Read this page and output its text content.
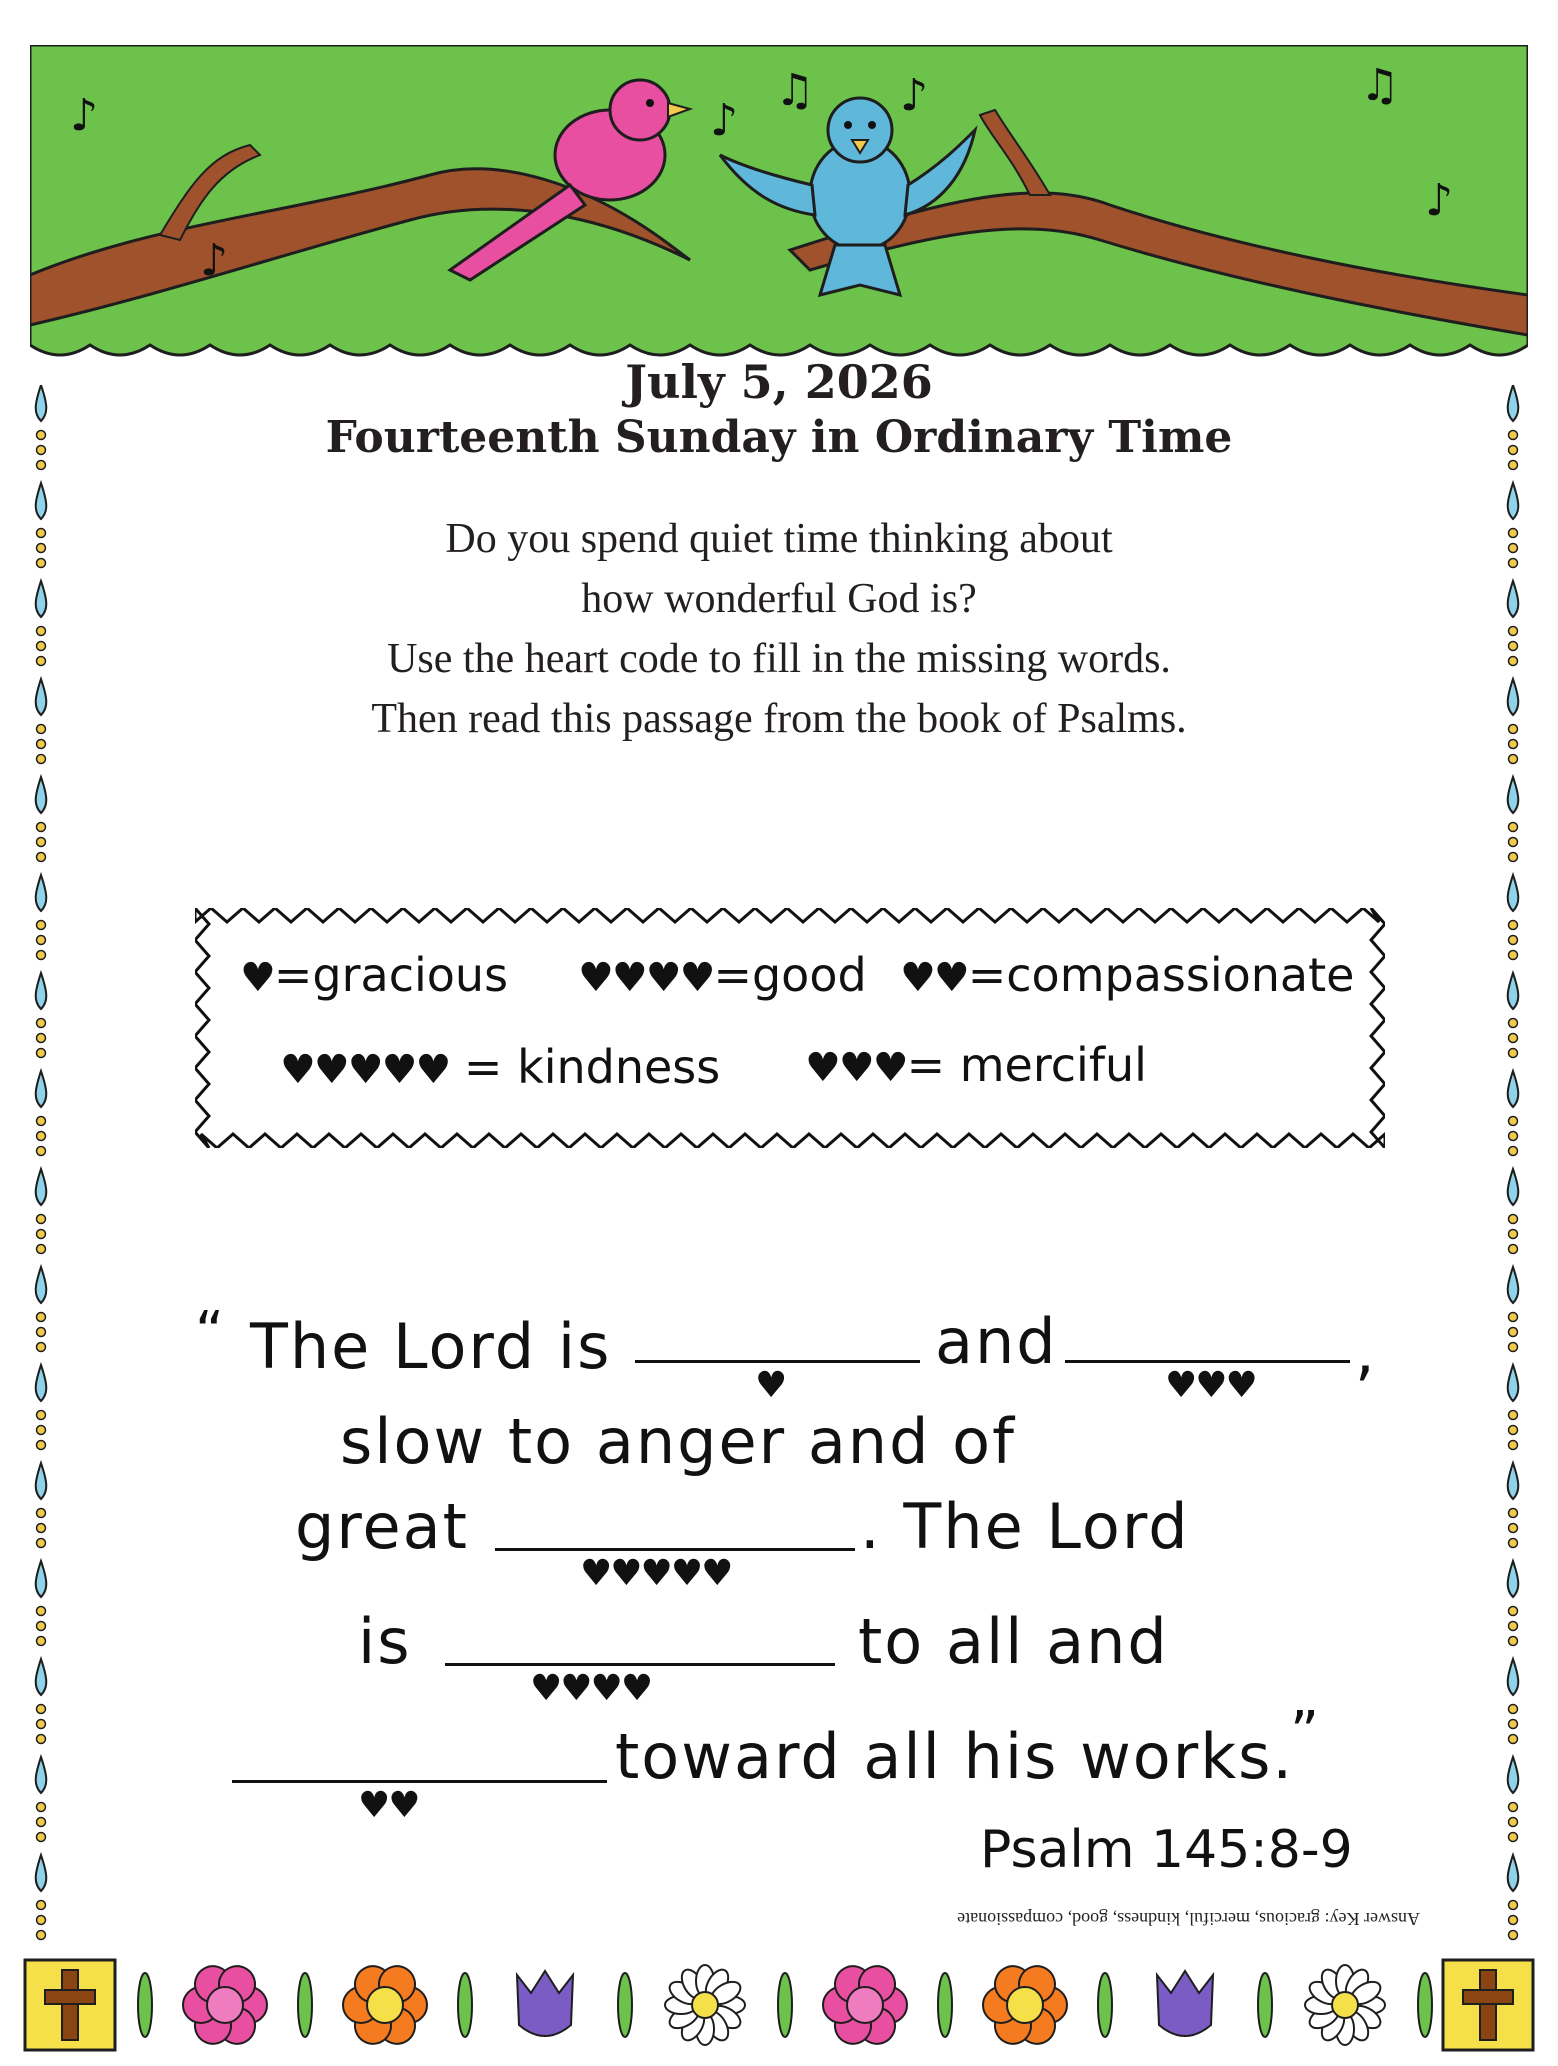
♪
♪
♪
♫ ♪	♫
♪
July 5, 2026
Fourteenth Sunday in Ordinary Time
Do you spend quiet time thinking about
how wonderful God is?
Use the heart code to fill in the missing words.
Then read this passage from the book of Psalms.
♥=gracious ♥♥♥♥=good ♥♥=compassionate
♥♥♥♥♥ = kindness ♥♥♥= merciful
“ The Lord is
♥
and
♥♥♥ ,
slow to anger and of
great
♥♥♥♥♥
. The Lord
is
♥♥♥♥
to all and
♥♥
toward all his works.
”
Psalm 145:8-9
Answer Key: gracious, merciful, kindness, good, compassionate
